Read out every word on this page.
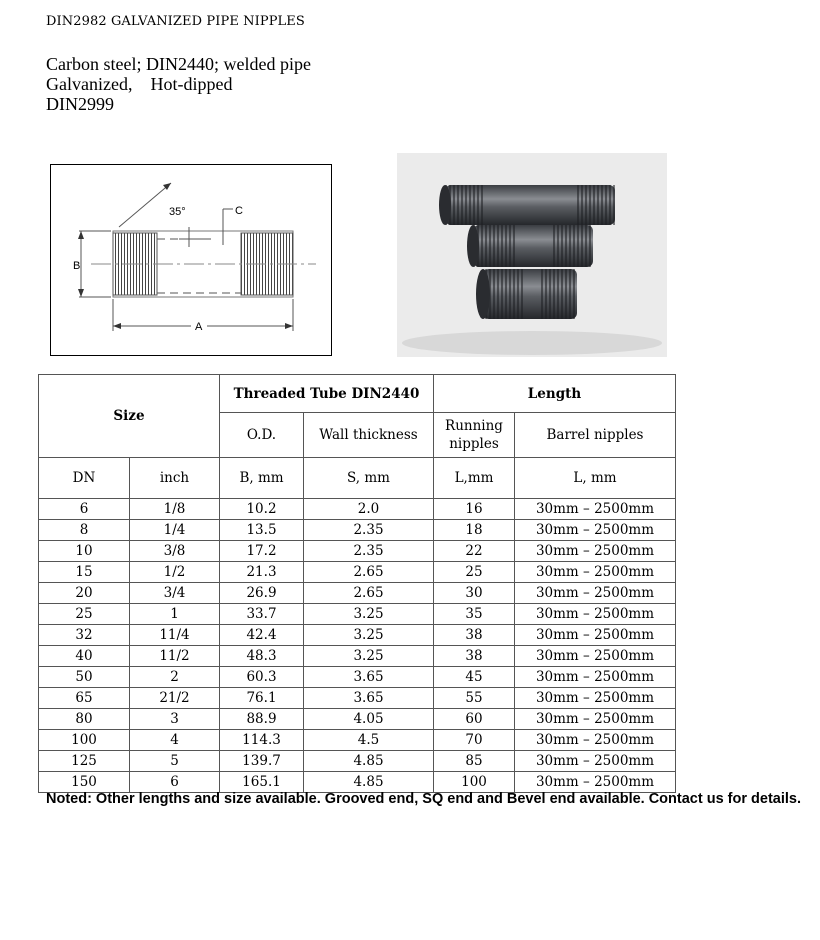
DIN2982 GALVANIZED PIPE NIPPLES
Carbon steel; DIN2440; welded pipe
Galvanized,    Hot-dipped
DIN2999
B
A
35°	C
Size		Threaded Tube DIN2440		Length	
		O.D.	Wall thickness	Running nipples	Barrel nipples
DN	inch	B, mm	S, mm	L,mm	L, mm
6	1/8	10.2	2.0	16	30mm – 2500mm
8	1/4	13.5	2.35	18	30mm – 2500mm
10	3/8	17.2	2.35	22	30mm – 2500mm
15	1/2	21.3	2.65	25	30mm – 2500mm
20	3/4	26.9	2.65	30	30mm – 2500mm
25	1	33.7	3.25	35	30mm – 2500mm
32	11/4	42.4	3.25	38	30mm – 2500mm
40	11/2	48.3	3.25	38	30mm – 2500mm
50	2	60.3	3.65	45	30mm – 2500mm
65	21/2	76.1	3.65	55	30mm – 2500mm
80	3	88.9	4.05	60	30mm – 2500mm
100	4	114.3	4.5	70	30mm – 2500mm
125	5	139.7	4.85	85	30mm – 2500mm
150	6	165.1	4.85	100	30mm – 2500mm
Noted: Other lengths and size available. Grooved end, SQ end and Bevel end available. Contact us for details.
